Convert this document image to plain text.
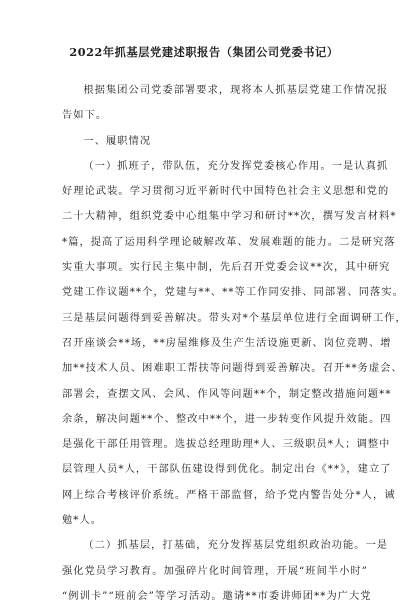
2022年抓基层党建述职报告（集团公司党委书记）

根据集团公司党委部署要求，现将本人抓基层党建工作情况报
告如下。

一、履职情况

（一）抓班子，带队伍，充分发挥党委核心作用。一是认真抓
好理论武装。学习贯彻习近平新时代中国特色社会主义思想和党的
二十大精神，组织党委中心组集中学习和研讨**次，撰写发言材料*
*篇，提高了运用科学理论破解改革、发展难题的能力。二是研究落
实重大事项。实行民主集中制，先后召开党委会议**次，其中研究
党建工作议题**个，党建与**、**等工作同安排、同部署、同落实。
三是基层问题得到妥善解决。带头对*个基层单位进行全面调研工作，
召开座谈会**场，**房屋维修及生产生活设施更新、岗位竞聘、增
加**技术人员、困难职工帮扶等问题得到妥善解决。召开**务虚会、
部署会，查摆文风、会风、作风等问题**个，制定整改措施问题**
余条，解决问题**个、整改中**个，进一步转变作风提升效能。四
是强化干部任用管理。选拔总经理助理*人、三级职员*人；调整中
层管理人员*人，干部队伍建设得到优化。制定出台《**》，建立了
网上综合考核评价系统。严格干部监督，给予党内警告处分*人，诫
勉*人。

（二）抓基层，打基础，充分发挥基层党组织政治功能。一是
强化党员学习教育。加强碎片化时间管理，开展“班间半小时”
“例训卡”“班前会”等学习活动。邀请**市委讲师团**为广大党
